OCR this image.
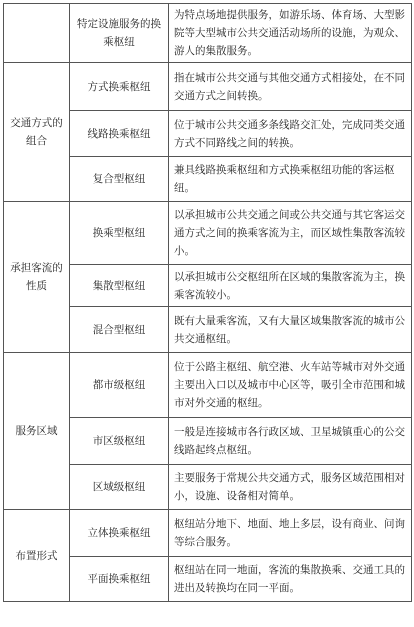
	特定设施服务的换乘枢纽	为特点场地提供服务，如游乐场、体育场、大型影院等大型城市公共交通活动场所的设施，为观众、游人的集散服务。
交通方式的组合	方式换乘枢纽	指在城市公共交通与其他交通方式相接处，在不同交通方式之间转换。
	线路换乘枢纽	位于城市公共交通多条线路交汇处，完成同类交通方式不同路线之间的转换。
	复合型枢纽	兼具线路换乘枢纽和方式换乘枢纽功能的客运枢纽。
承担客流的性质	换乘型枢纽	以承担城市公共交通之间或公共交通与其它客运交通方式之间的换乘客流为主，而区域性集散客流较小。
	集散型枢纽	以承担城市公交枢纽所在区域的集散客流为主，换乘客流较小。
	混合型枢纽	既有大量乘客流，又有大量区域集散客流的城市公共交通枢纽。
服务区域	都市级枢纽	位于公路主枢纽、航空港、火车站等城市对外交通主要出入口以及城市中心区等，吸引全市范围和城市对外交通的枢纽。
	市区级枢纽	一般是连接城市各行政区域、卫星城镇重心的公交线路起终点枢纽。
	区域级枢纽	主要服务于常规公共交通方式，服务区域范围相对小，设施、设备相对简单。
布置形式	立体换乘枢纽	枢纽站分地下、地面、地上多层，设有商业、问询等综合服务。
	平面换乘枢纽	枢纽站在同一地面，客流的集散换乘、交通工具的进出及转换均在同一平面。
